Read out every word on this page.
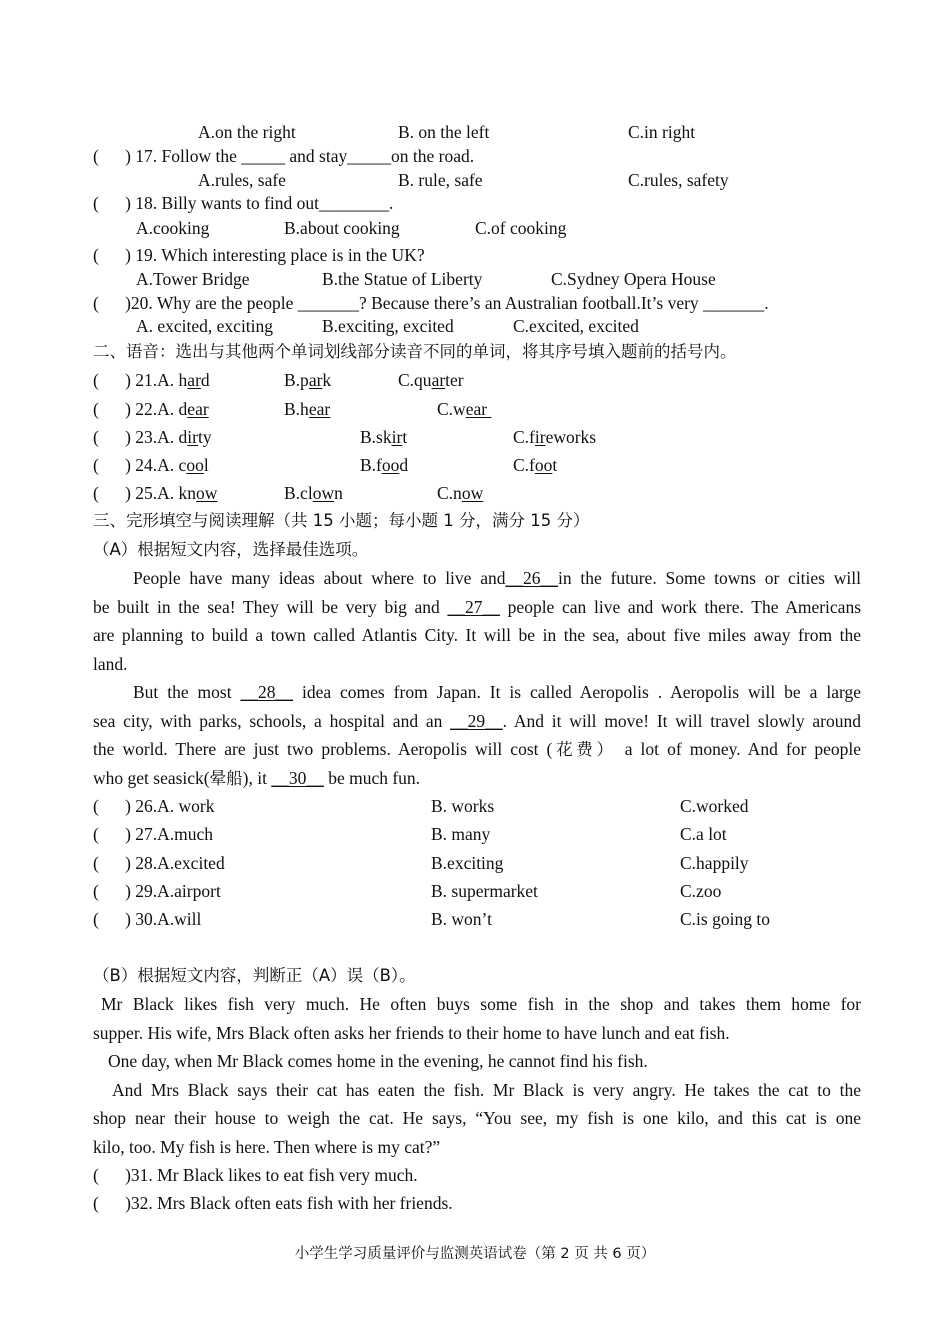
A.on the right	B. on the left	C.in right
(      ) 17. Follow the _____ and stay_____on the road.
A.rules, safe	B. rule, safe	C.rules, safety
(      ) 18. Billy wants to find out________.
A.cooking	B.about cooking	C.of cooking
(      ) 19. Which interesting place is in the UK?
A.Tower Bridge	B.the Statue of Liberty	C.Sydney Opera House
(      )20. Why are the people _______? Because there’s an Australian football.It’s very _______.
A. excited, exciting	B.exciting, excited	C.excited, excited
二、语音：选出与其他两个单词划线部分读音不同的单词，将其序号填入题前的括号内。
(      ) 21.A. hard	B.park	C.quarter
(      ) 22.A. dear	B.hear	C.wear
(      ) 23.A. dirty	B.skirt	C.fireworks
(      ) 24.A. cool	B.food	C.foot
(      ) 25.A. know	B.clown	C.now
三、完形填空与阅读理解（共 15 小题；每小题 1 分，满分 15 分）
（A）根据短文内容，选择最佳选项。
People have many ideas about where to live and__26__in the future. Some towns or cities will
be built in the sea! They will be very big and __27__ people can live and work there. The Americans
are planning to build a town called Atlantis City. It will be in the sea, about five miles away from the
land.
But the most __28__ idea comes from Japan. It is called Aeropolis . Aeropolis will be a large
sea city, with parks, schools, a hospital and an __29__. And it will move! It will travel slowly around
the world. There are just two problems. Aeropolis will cost (花费） a lot of money. And for people
who get seasick(晕船), it __30__ be much fun.
(      ) 26.A. work	B. works	C.worked
(      ) 27.A.much	B. many	C.a lot
(      ) 28.A.excited	B.exciting	C.happily
(      ) 29.A.airport	B. supermarket	C.zoo
(      ) 30.A.will	B. won’t	C.is going to
（B）根据短文内容，判断正（A）误（B）。
Mr Black likes fish very much. He often buys some fish in the shop and takes them home for
supper. His wife, Mrs Black often asks her friends to their home to have lunch and eat fish.
One day, when Mr Black comes home in the evening, he cannot find his fish.
And Mrs Black says their cat has eaten the fish. Mr Black is very angry. He takes the cat to the
shop near their house to weigh the cat. He says, “You see, my fish is one kilo, and this cat is one
kilo, too. My fish is here. Then where is my cat?”
(      )31. Mr Black likes to eat fish very much.
(      )32. Mrs Black often eats fish with her friends.
小学生学习质量评价与监测英语试卷（第 2 页 共 6 页）
